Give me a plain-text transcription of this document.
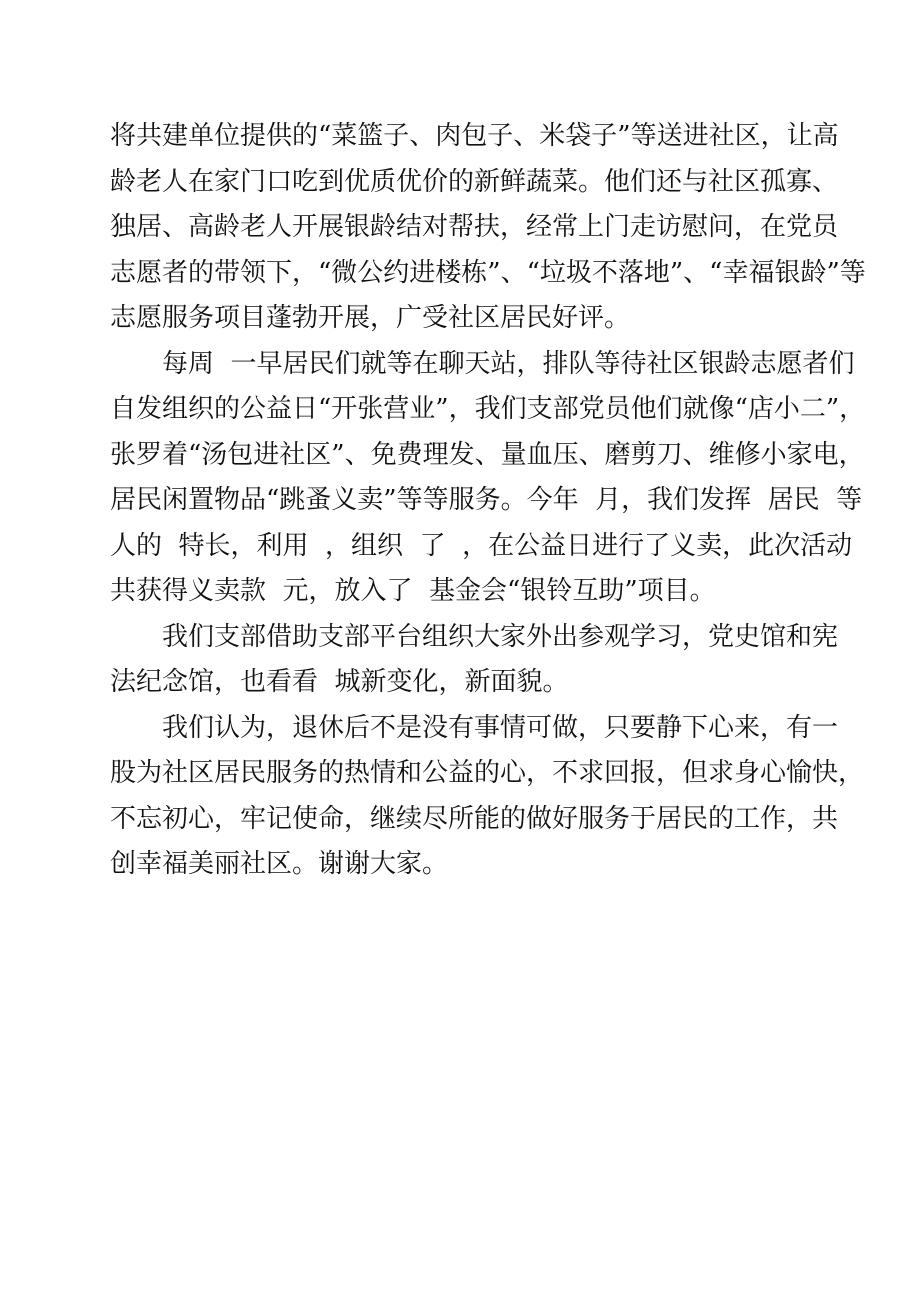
将共建单位提供的“菜篮子、肉包子、米袋子”等送进社区，让高
龄老人在家门口吃到优质优价的新鲜蔬菜。他们还与社区孤寡、
独居、高龄老人开展银龄结对帮扶，经常上门走访慰问，在党员
志愿者的带领下，“微公约进楼栋”、“垃圾不落地”、“幸福银龄”等
志愿服务项目蓬勃开展，广受社区居民好评。
每周  一早居民们就等在聊天站，排队等待社区银龄志愿者们
自发组织的公益日“开张营业”，我们支部党员他们就像“店小二”，
张罗着“汤包进社区”、免费理发、量血压、磨剪刀、维修小家电，
居民闲置物品“跳蚤义卖”等等服务。今年  月，我们发挥  居民  等
人的  特长，利用  ，组织  了  ，在公益日进行了义卖，此次活动
共获得义卖款  元，放入了  基金会“银铃互助”项目。
我们支部借助支部平台组织大家外出参观学习，党史馆和宪
法纪念馆，也看看  城新变化，新面貌。
我们认为，退休后不是没有事情可做，只要静下心来，有一
股为社区居民服务的热情和公益的心，不求回报，但求身心愉快，
不忘初心，牢记使命，继续尽所能的做好服务于居民的工作，共
创幸福美丽社区。谢谢大家。
